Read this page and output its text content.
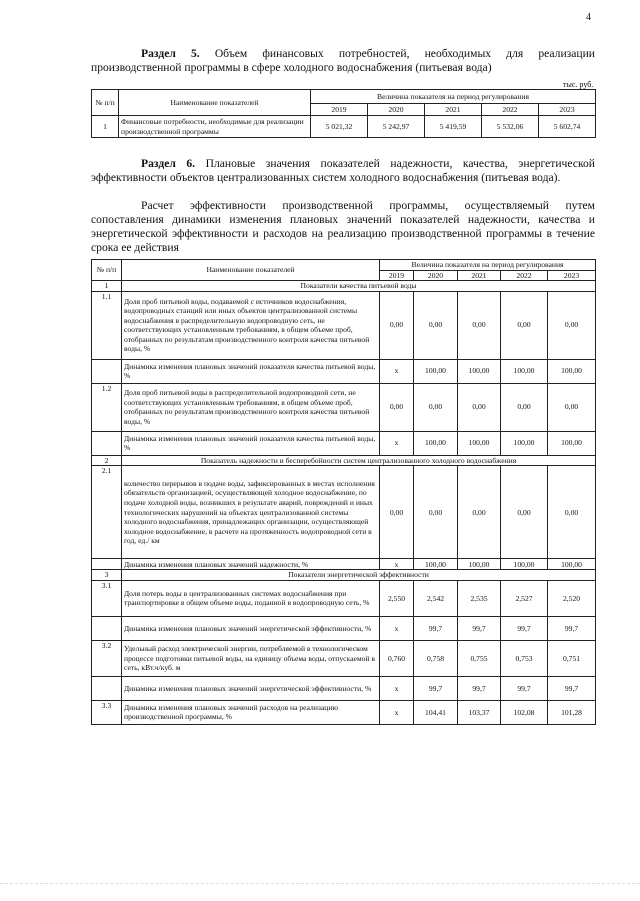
4
Раздел 5. Объем финансовых потребностей, необходимых для реализации производственной программы в сфере холодного водоснабжения (питьевая вода)
тыс. руб.
№ п/п	Наименование показателей	Величина показателя на период регулирования				
		2019	2020	2021	2022	2023
1	Финансовые потребности, необходимые для реализации производственной программы	5 021,32	5 242,97	5 419,59	5 532,06	5 602,74
Раздел 6. Плановые значения показателей надежности, качества, энергетической эффективности объектов централизованных систем холодного водоснабжения (питьевая вода).
Расчет эффективности производственной программы, осуществляемый путем сопоставления динамики изменения плановых значений показателей надежности, качества и энергетической эффективности и расходов на реализацию производственной программы в течение срока ее действия
№ п/п	Наименование показателей	Величина показателя на период регулирования				
		2019	2020	2021	2022	2023
1	Показатели качества питьевой воды					
1.1	Доля проб питьевой воды, подаваемой с источников водоснабжения, водопроводных станций или иных объектов централизованной системы водоснабжения в распределительную водопроводную сеть, не соответствующих установленным требованиям, в общем объеме проб, отобранных по результатам производственного контроля качества питьевой воды, %	0,00	0,00	0,00	0,00	0,00
	Динамика изменения плановых значений показателя качества питьевой воды, %	х	100,00	100,00	100,00	100,00
1.2	Доля проб питьевой воды в распределительной водопроводной сети, не соответствующих установленным требованиям, в общем объеме проб, отобранных по результатам производственного контроля качества питьевой воды, %	0,00	0,00	0,00	0,00	0,00
	Динамика изменения плановых значений показателя качества питьевой воды, %	х	100,00	100,00	100,00	100,00
2	Показатель надежности и бесперебойности систем централизованного холодного водоснабжения					
2.1	количество перерывов в подаче воды, зафиксированных в местах исполнения обязательств организацией, осуществляющей холодное водоснабжение, по подаче холодной воды, возникших в результате аварий, повреждений и иных технологических нарушений на объектах централизованной системы холодного водоснабжения, принадлежащих организации, осуществляющей холодное водоснабжение, в расчете на протяженность водопроводной сети в год, ед./ км	0,00	0,00	0,00	0,00	0,00
	Динамика изменения плановых значений надежности, %	х	100,00	100,00	100,00	100,00
3	Показатели энергетической эффективности					
3.1	Доля потерь воды в централизованных системах водоснабжения при транспортировке в общем объеме воды, поданной в водопроводную сеть, %	2,550	2,542	2,535	2,527	2,520
	Динамика изменения плановых значений энергетической эффективности, %	х	99,7	99,7	99,7	99,7
3.2	Удельный расход электрической энергии, потребляемой в технологическом процессе подготовки питьевой воды, на единицу объема воды, отпускаемой в сеть, кВт.ч/куб. м	0,760	0,758	0,755	0,753	0,751
	Динамика изменения плановых значений энергетической эффективности, %	х	99,7	99,7	99,7	99,7
3.3	Динамика изменения плановых значений расходов на реализацию производственной программы, %	х	104,41	103,37	102,08	101,28
